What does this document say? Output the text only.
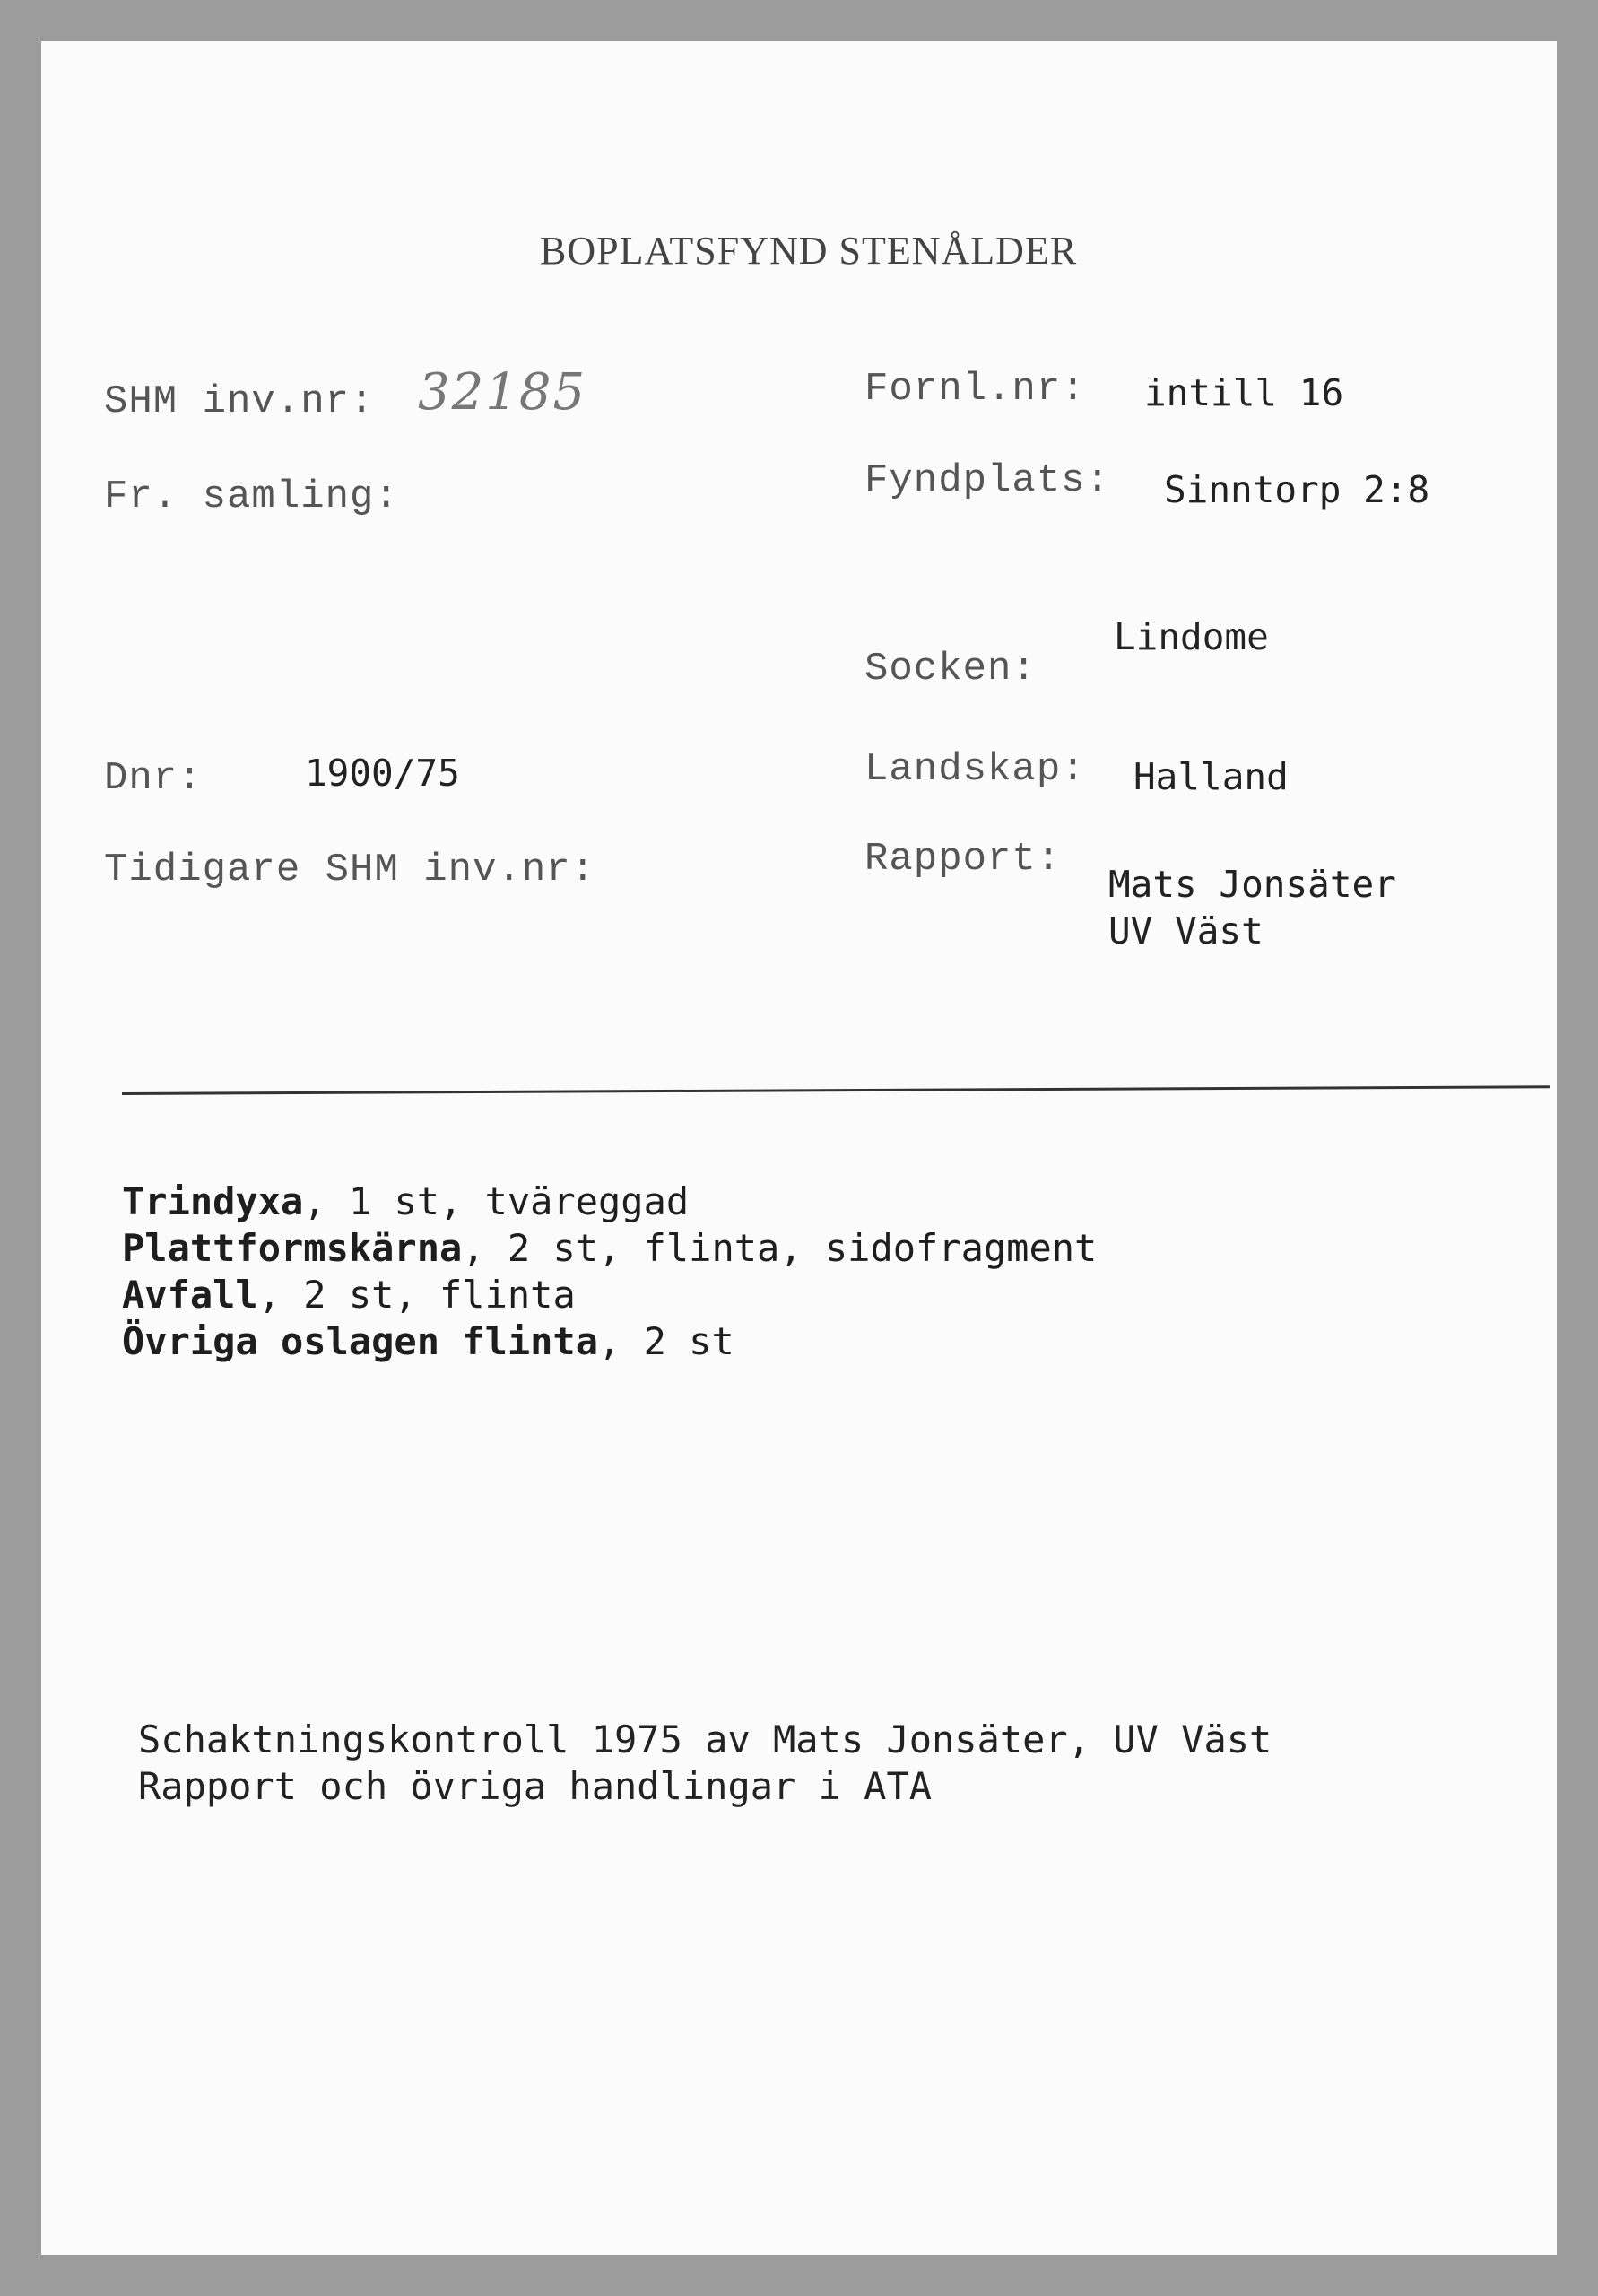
BOPLATSFYND STENÅLDER
SHM inv.nr: 32185
Fr. samling:
Dnr:	1900/75
Tidigare SHM inv.nr:
Fornl.nr: intill 16
Fyndplats: Sinntorp 2:8
Lindome
Socken:
Landskap: Halland
Rapport:
Mats Jonsäter
UV Väst
Trindyxa, 1 st, tväreggad
Plattformskärna, 2 st, flinta, sidofragment
Avfall, 2 st, flinta
Övriga oslagen flinta, 2 st
Schaktningskontroll 1975 av Mats Jonsäter, UV Väst
Rapport och övriga handlingar i ATA
